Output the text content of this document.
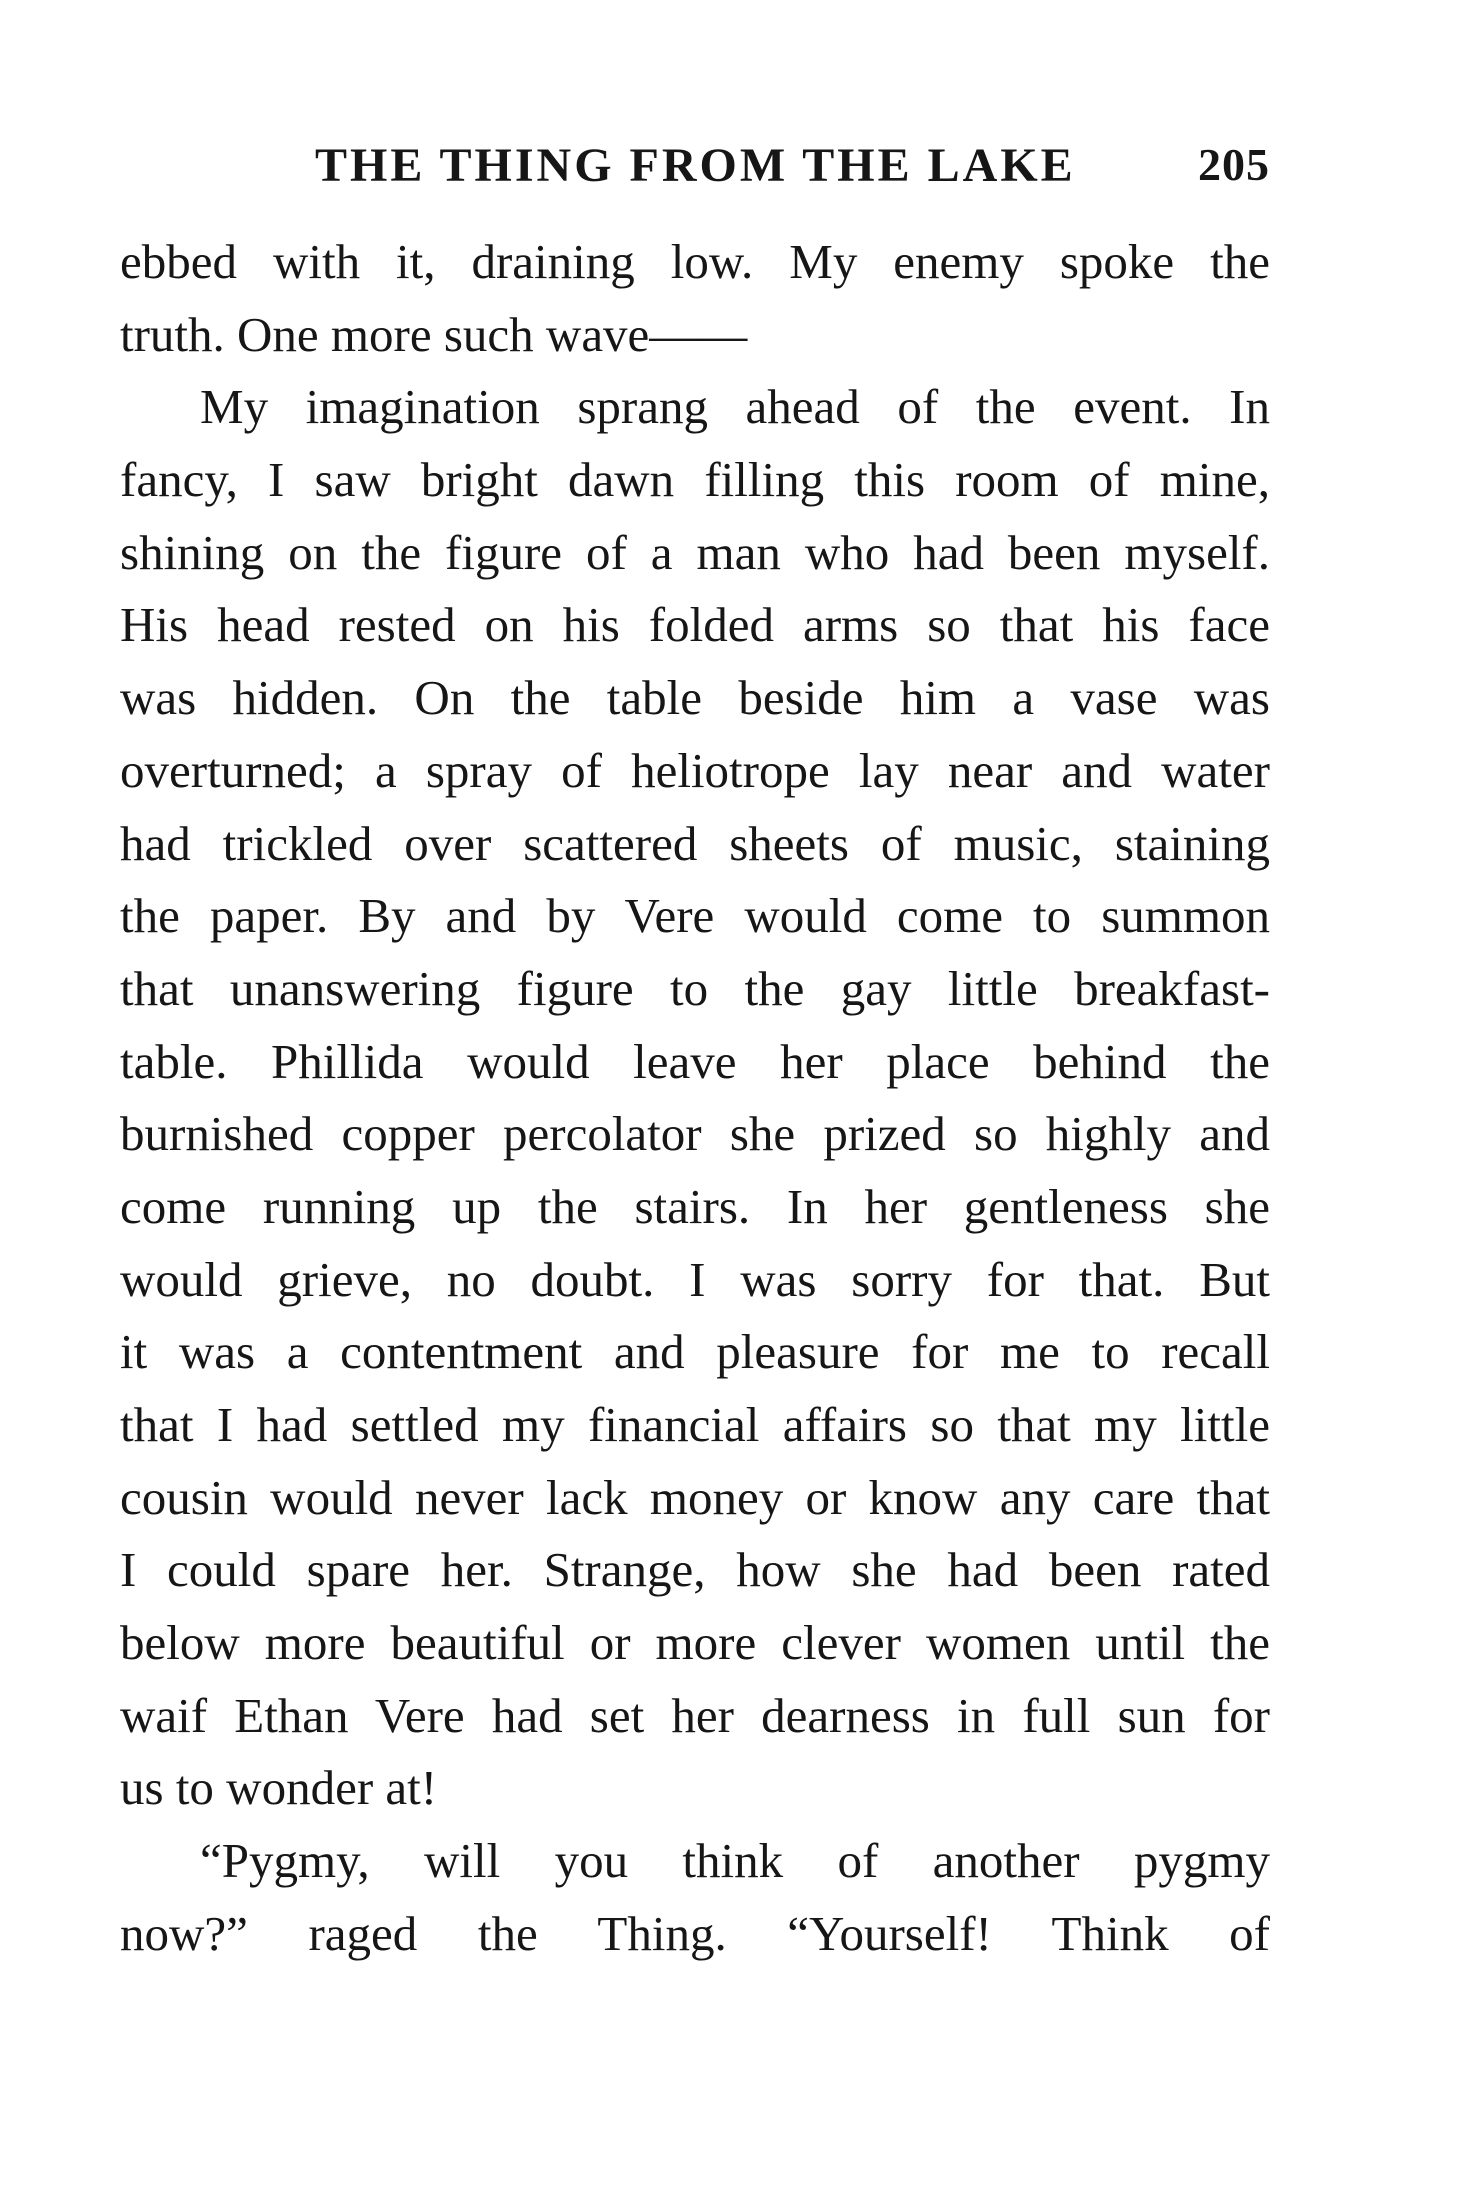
THE THING FROM THE LAKE	205
ebbed with it, draining low. My enemy spoke the
truth. One more such wave——
My imagination sprang ahead of the event. In
fancy, I saw bright dawn filling this room of mine,
shining on the figure of a man who had been myself.
His head rested on his folded arms so that his face
was hidden. On the table beside him a vase was
overturned; a spray of heliotrope lay near and water
had trickled over scattered sheets of music, staining
the paper. By and by Vere would come to summon
that unanswering figure to the gay little breakfast-
table. Phillida would leave her place behind the
burnished copper percolator she prized so highly and
come running up the stairs. In her gentleness she
would grieve, no doubt. I was sorry for that. But
it was a contentment and pleasure for me to recall
that I had settled my financial affairs so that my little
cousin would never lack money or know any care that
I could spare her. Strange, how she had been rated
below more beautiful or more clever women until the
waif Ethan Vere had set her dearness in full sun for
us to wonder at!
“Pygmy, will you think of another pygmy
now?” raged the Thing. “Yourself! Think of
